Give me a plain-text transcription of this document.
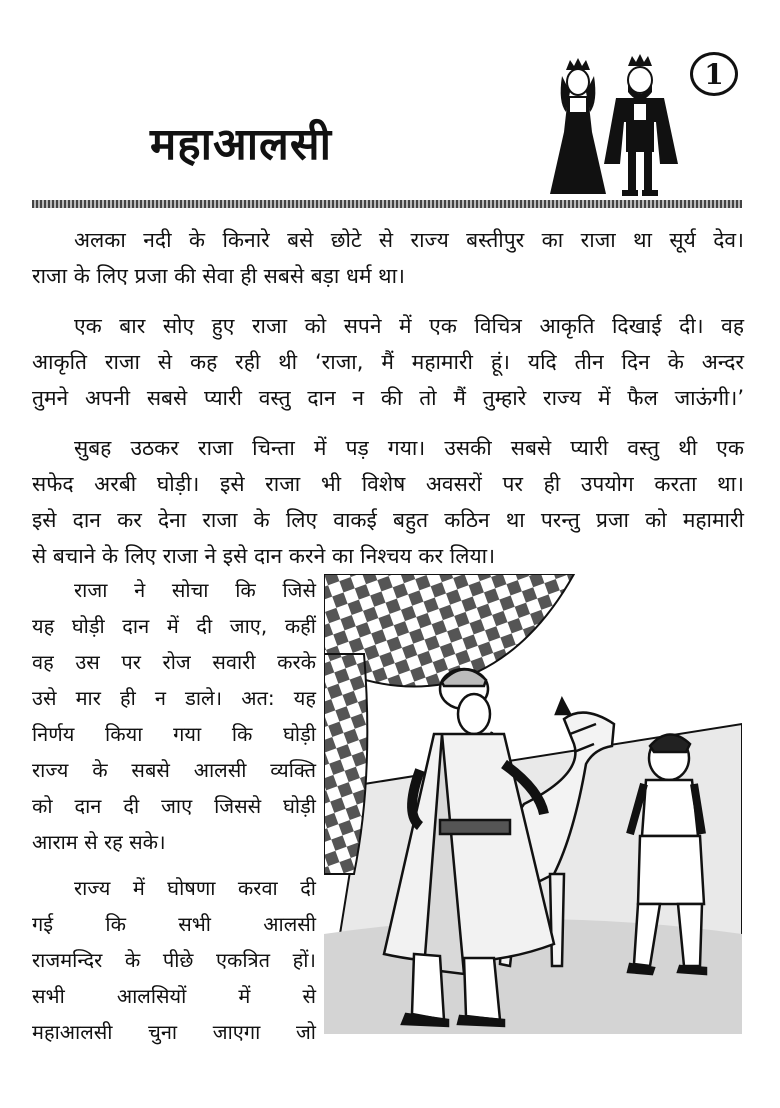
महाआलसी
1
अलका नदी के किनारे बसे छोटे से राज्य बस्तीपुर का राजा था सूर्य देव।
राजा के लिए प्रजा की सेवा ही सबसे बड़ा धर्म था।
एक बार सोए हुए राजा को सपने में एक विचित्र आकृति दिखाई दी। वह
आकृति राजा से कह रही थी ‘राजा, मैं महामारी हूं। यदि तीन दिन के अन्दर
तुमने अपनी सबसे प्यारी वस्तु दान न की तो मैं तुम्हारे राज्य में फैल जाऊंगी।’
सुबह उठकर राजा चिन्ता में पड़ गया। उसकी सबसे प्यारी वस्तु थी एक
सफेद अरबी घोड़ी। इसे राजा भी विशेष अवसरों पर ही उपयोग करता था।
इसे दान कर देना राजा के लिए वाकई बहुत कठिन था परन्तु प्रजा को महामारी
से बचाने के लिए राजा ने इसे दान करने का निश्चय कर लिया।
राजा ने सोचा कि जिसे
यह घोड़ी दान में दी जाए, कहीं
वह उस पर रोज सवारी करके
उसे मार ही न डाले। अत: यह
निर्णय किया गया कि घोड़ी
राज्य के सबसे आलसी व्यक्ति
को दान दी जाए जिससे घोड़ी
आराम से रह सके।
राज्य में घोषणा करवा दी
गई कि सभी आलसी
राजमन्दिर के पीछे एकत्रित हों।
सभी आलसियों में से
महाआलसी चुना जाएगा जो
